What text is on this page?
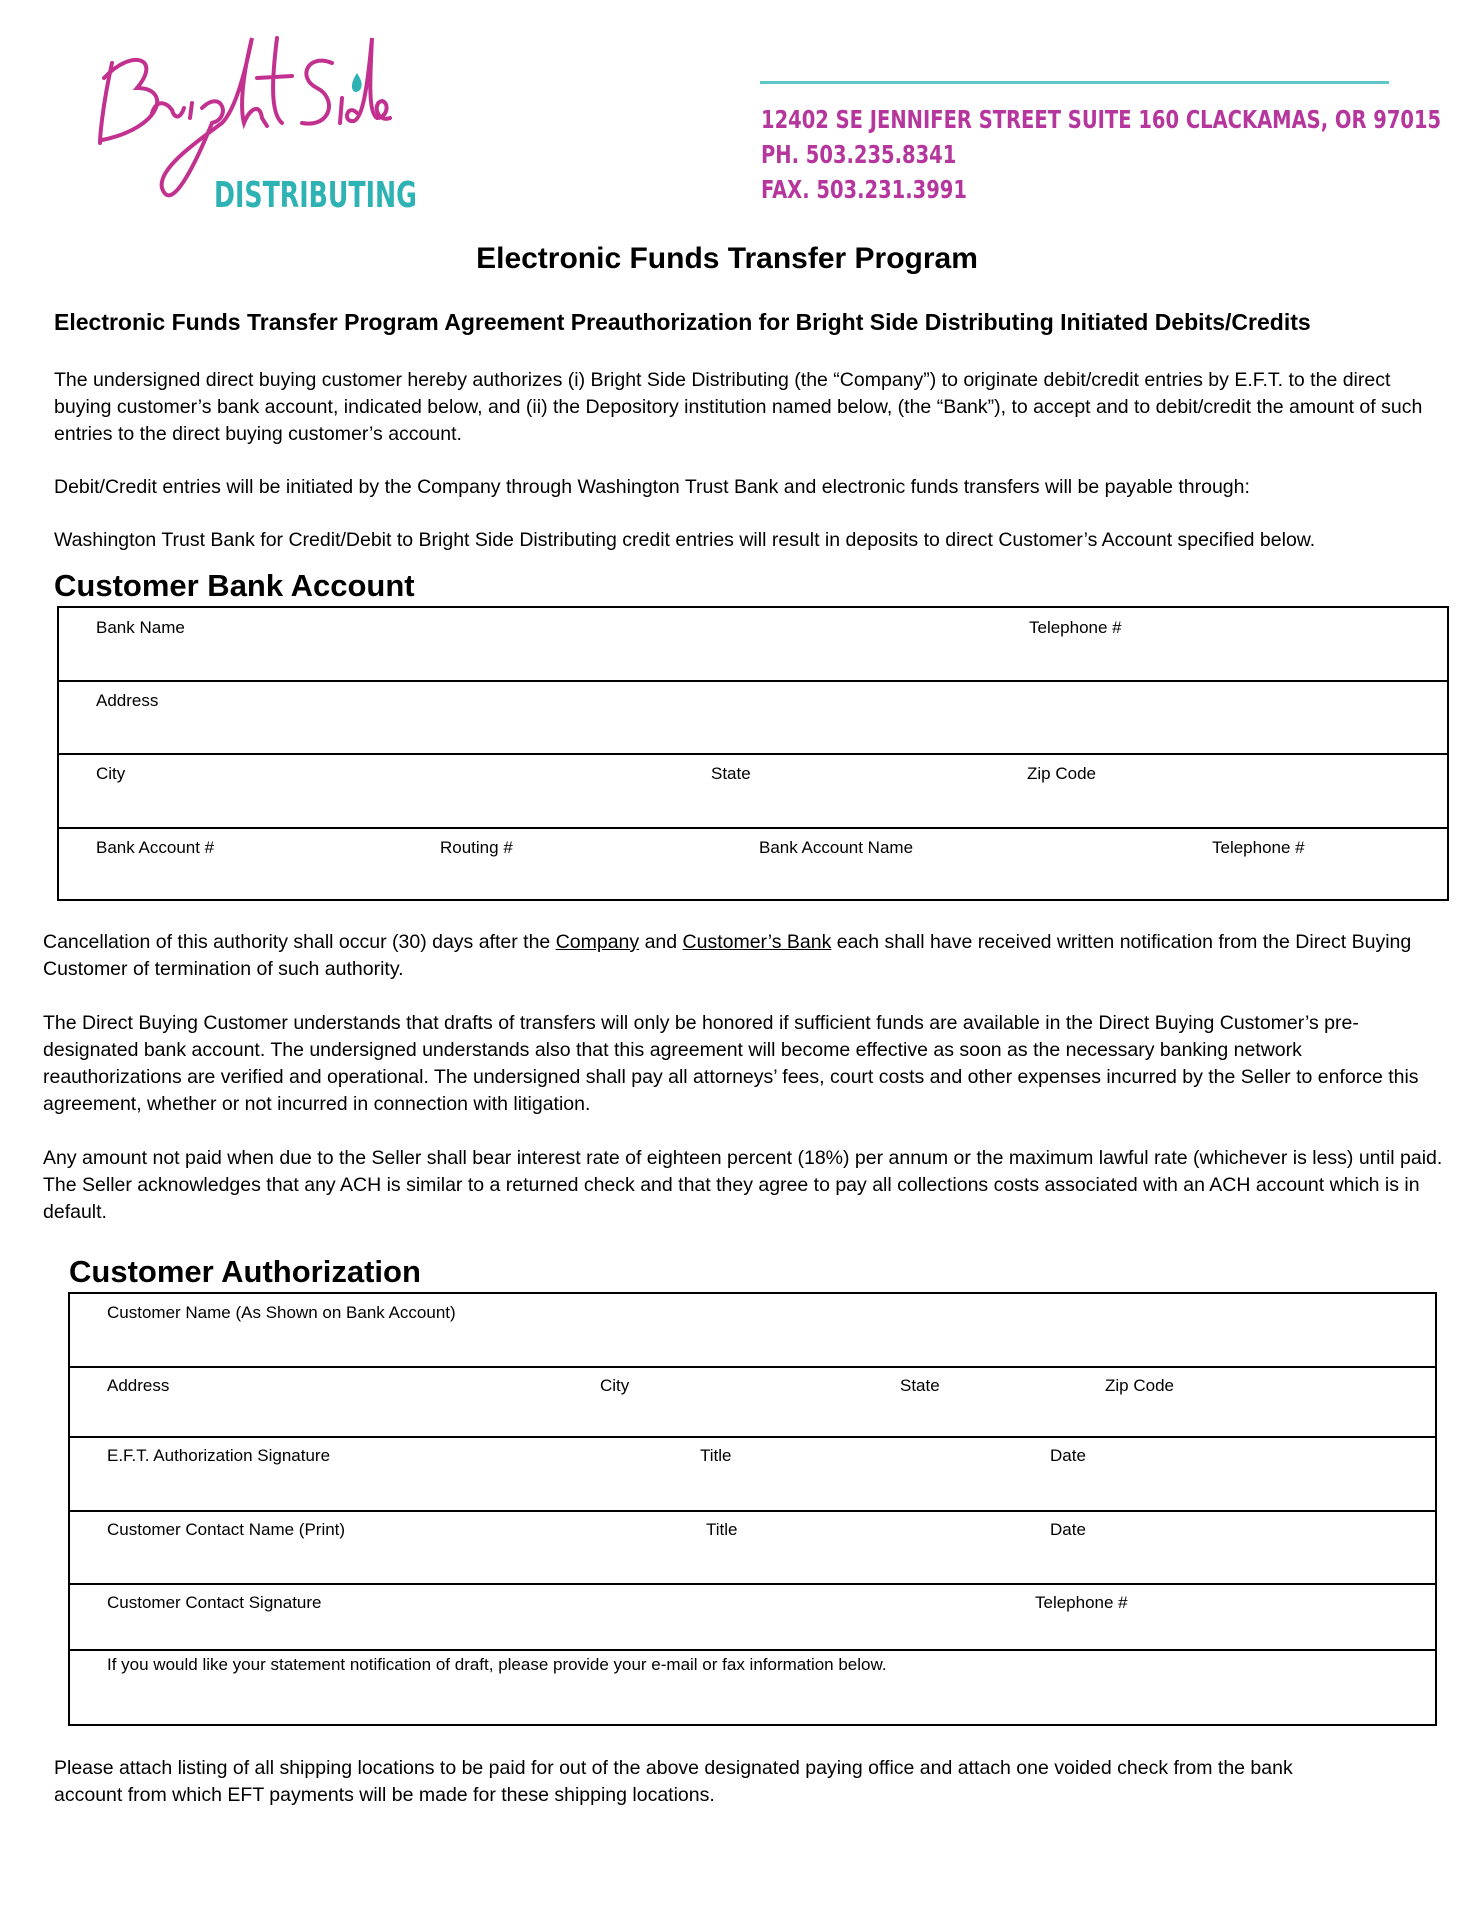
DISTRIBUTING
12402 SE JENNIFER STREET SUITE 160 CLACKAMAS, OR 97015
PH. 503.235.8341
FAX. 503.231.3991
Electronic Funds Transfer Program
Electronic Funds Transfer Program Agreement Preauthorization for Bright Side Distributing Initiated Debits/Credits
The undersigned direct buying customer hereby authorizes (i) Bright Side Distributing (the “Company”) to originate debit/credit entries by E.F.T. to the direct buying customer’s bank account, indicated below, and (ii) the Depository institution named below, (the “Bank”), to accept and to debit/credit the amount of such entries to the direct buying customer’s account.
Debit/Credit entries will be initiated by the Company through Washington Trust Bank and electronic funds transfers will be payable through:
Washington Trust Bank for Credit/Debit to Bright Side Distributing credit entries will result in deposits to direct Customer’s Account specified below.
Customer Bank Account
Bank Name	Telephone #
Address
City	State	Zip Code
Bank Account #	Routing #	Bank Account Name	Telephone #
Cancellation of this authority shall occur (30) days after the Company and Customer’s Bank each shall have received written notification from the Direct Buying Customer of termination of such authority.
The Direct Buying Customer understands that drafts of transfers will only be honored if sufficient funds are available in the Direct Buying Customer’s pre-designated bank account. The undersigned understands also that this agreement will become effective as soon as the necessary banking network reauthorizations are verified and operational. The undersigned shall pay all attorneys’ fees, court costs and other expenses incurred by the Seller to enforce this agreement, whether or not incurred in connection with litigation.
Any amount not paid when due to the Seller shall bear interest rate of eighteen percent (18%) per annum or the maximum lawful rate (whichever is less) until paid. The Seller acknowledges that any ACH is similar to a returned check and that they agree to pay all collections costs associated with an ACH account which is in default.
Customer Authorization
Customer Name (As Shown on Bank Account)
Address	City	State	Zip Code
E.F.T. Authorization Signature	Title	Date
Customer Contact Name (Print)	Title	Date
Customer Contact Signature	Telephone #
If you would like your statement notification of draft, please provide your e-mail or fax information below.
Please attach listing of all shipping locations to be paid for out of the above designated paying office and attach one voided check from the bank account from which EFT payments will be made for these shipping locations.
